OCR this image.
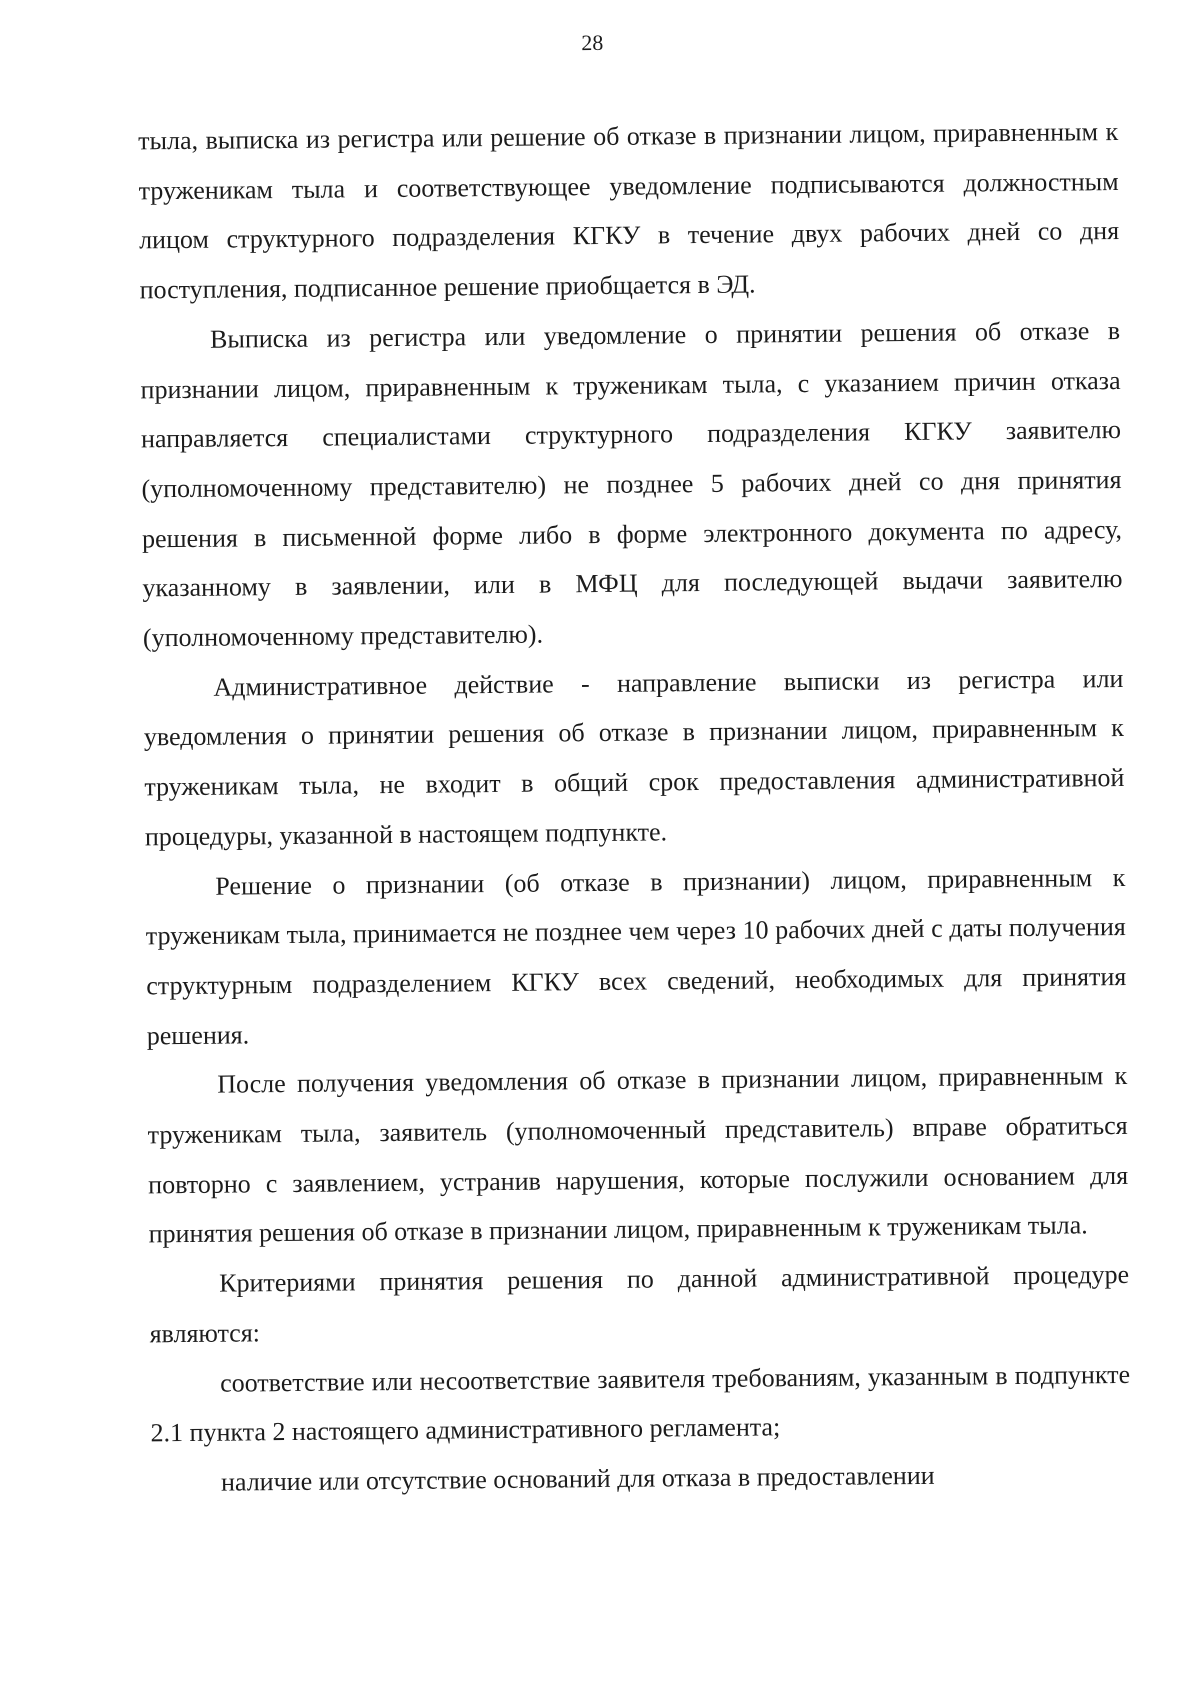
28

тыла, выписка из регистра или решение об отказе в признании лицом, приравненным к труженикам тыла и соответствующее уведомление подписываются должностным лицом структурного подразделения КГКУ в течение двух рабочих дней со дня поступления, подписанное решение приобщается в ЭД.

Выписка из регистра или уведомление о принятии решения об отказе в признании лицом, приравненным к труженикам тыла, с указанием причин отказа направляется специалистами структурного подразделения КГКУ заявителю (уполномоченному представителю) не позднее 5 рабочих дней со дня принятия решения в письменной форме либо в форме электронного документа по адресу, указанному в заявлении, или в МФЦ для последующей выдачи заявителю (уполномоченному представителю).

Административное действие - направление выписки из регистра или уведомления о принятии решения об отказе в признании лицом, приравненным к труженикам тыла, не входит в общий срок предоставления административной процедуры, указанной в настоящем подпункте.

Решение о признании (об отказе в признании) лицом, приравненным к труженикам тыла, принимается не позднее чем через 10 рабочих дней с даты получения структурным подразделением КГКУ всех сведений, необходимых для принятия решения.

После получения уведомления об отказе в признании лицом, приравненным к труженикам тыла, заявитель (уполномоченный представитель) вправе обратиться повторно с заявлением, устранив нарушения, которые послужили основанием для принятия решения об отказе в признании лицом, приравненным к труженикам тыла.

Критериями принятия решения по данной административной процедуре являются:

соответствие или несоответствие заявителя требованиям, указанным в подпункте 2.1 пункта 2 настоящего административного регламента;

наличие или отсутствие оснований для отказа в предоставлении
